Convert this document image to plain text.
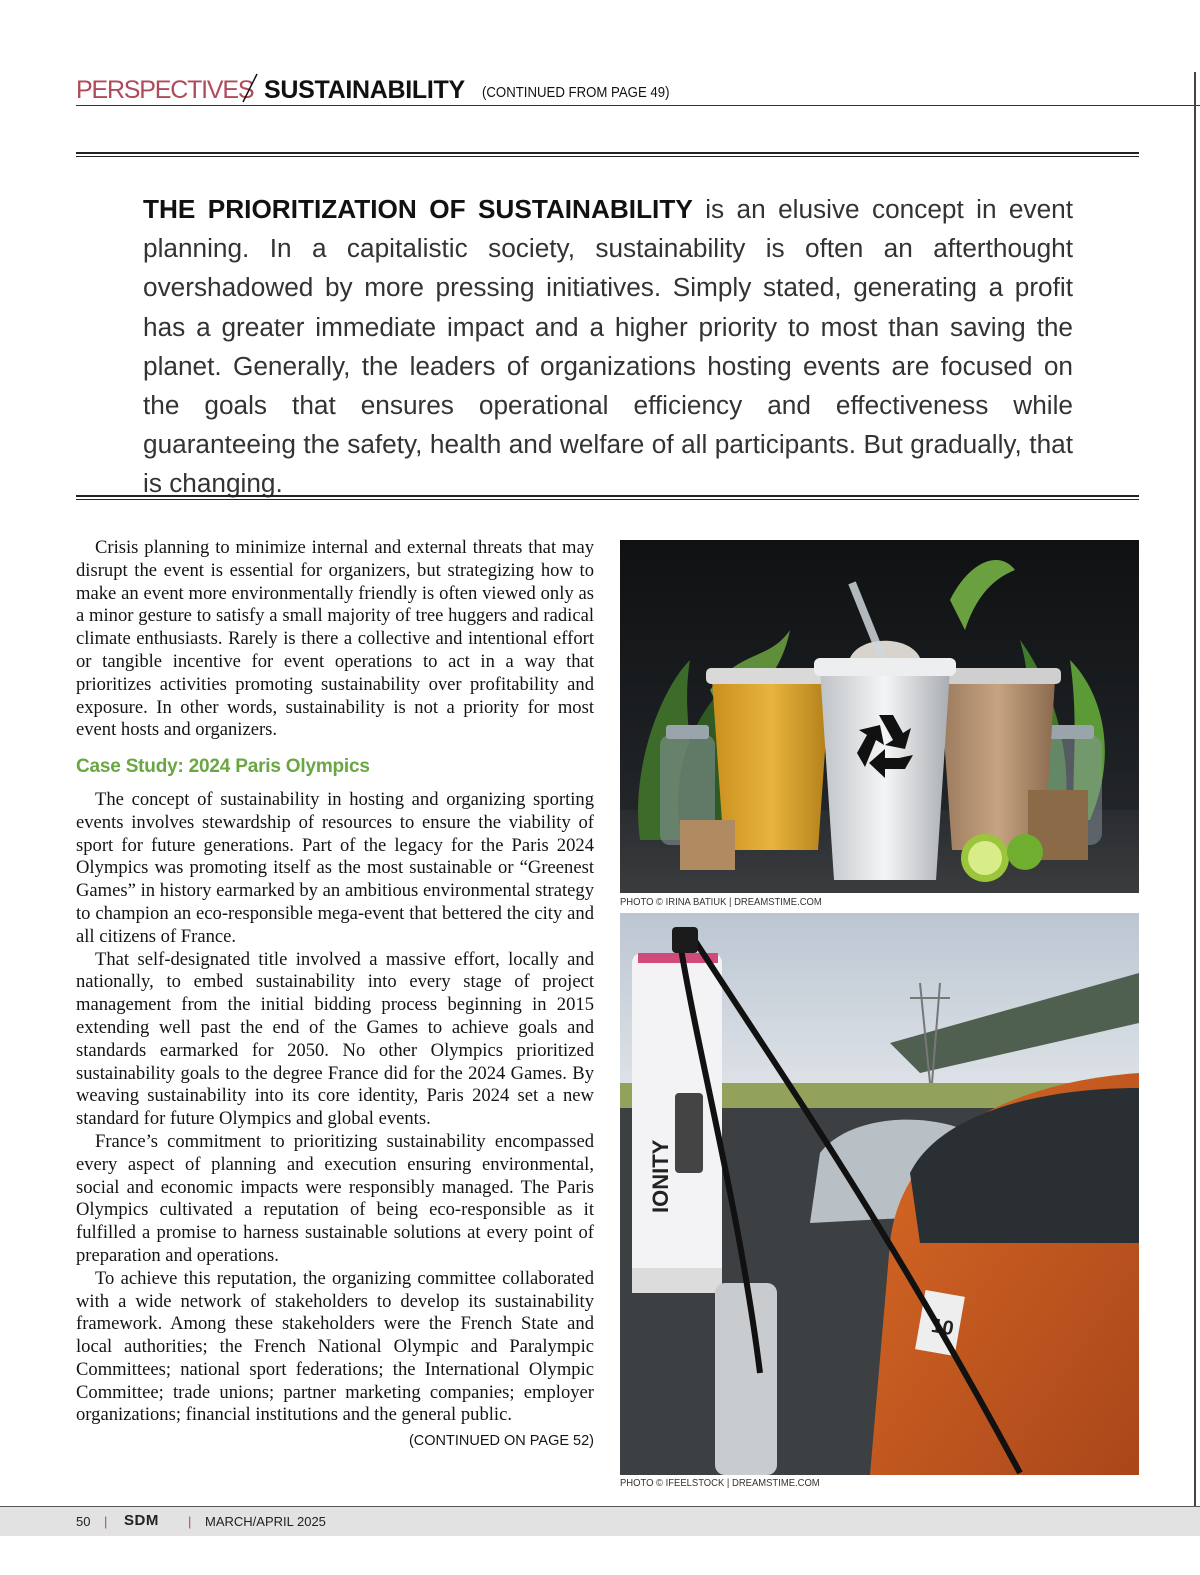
PERSPECTIVES SUSTAINABILITY (CONTINUED FROM PAGE 49)
THE PRIORITIZATION OF SUSTAINABILITY is an elusive concept in event planning. In a capitalistic society, sustainability is often an afterthought overshadowed by more pressing initiatives. Simply stated, generating a profit has a greater immediate impact and a higher priority to most than saving the planet. Generally, the leaders of organizations hosting events are focused on the goals that ensures operational efficiency and effectiveness while guaranteeing the safety, health and welfare of all participants. But gradually, that is changing.

Crisis planning to minimize internal and external threats that may disrupt the event is essential for organizers, but strategizing how to make an event more environmentally friendly is often viewed only as a minor gesture to satisfy a small majority of tree huggers and radical climate enthusiasts. Rarely is there a collective and intentional effort or tangible incentive for event operations to act in a way that prioritizes activities promoting sustainability over profitability and exposure. In other words, sustainability is not a priority for most event hosts and organizers.

Case Study: 2024 Paris Olympics

The concept of sustainability in hosting and organizing sporting events involves stewardship of resources to ensure the viability of sport for future generations. Part of the legacy for the Paris 2024 Olympics was promoting itself as the most sustainable or “Greenest Games” in history earmarked by an ambitious environmental strategy to champion an eco-responsible mega-event that bettered the city and all citizens of France.

That self-designated title involved a massive effort, locally and nationally, to embed sustainability into every stage of project management from the initial bidding process beginning in 2015 extending well past the end of the Games to achieve goals and standards earmarked for 2050. No other Olympics prioritized sustainability goals to the degree France did for the 2024 Games. By weaving sustainability into its core identity, Paris 2024 set a new standard for future Olympics and global events.

France’s commitment to prioritizing sustainability encompassed every aspect of planning and execution ensuring environmental, social and economic impacts were responsibly managed. The Paris Olympics cultivated a reputation of being eco-responsible as it fulfilled a promise to harness sustainable solutions at every point of preparation and operations.

To achieve this reputation, the organizing committee collaborated with a wide network of stakeholders to develop its sustainability framework. Among these stakeholders were the French State and local authorities; the French National Olympic and Paralympic Committees; national sport federations; the International Olympic Committee; trade unions; partner marketing companies; employer organizations; financial institutions and the general public.
(CONTINUED ON PAGE 52)

PHOTO © IRINA BATIUK | DREAMSTIME.COM
IONITY
10
PHOTO © IFEELSTOCK | DREAMSTIME.COM
50 | SDM | MARCH/APRIL 2025
